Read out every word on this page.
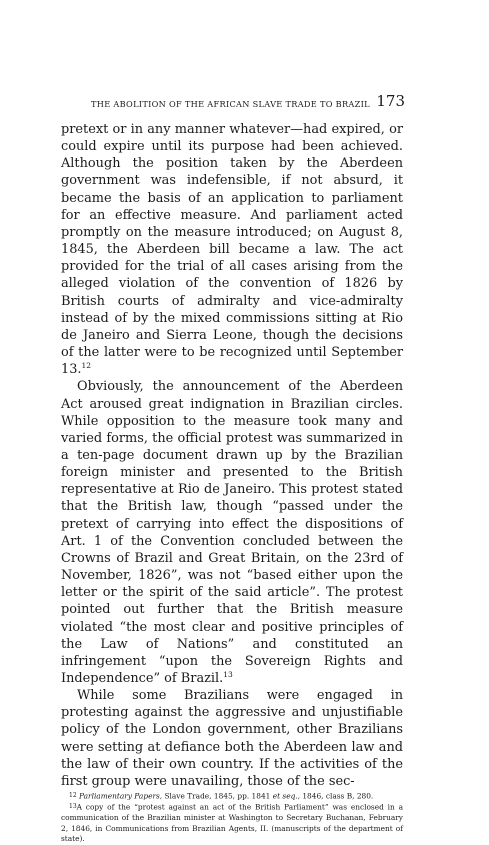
THE ABOLITION OF THE AFRICAN SLAVE TRADE TO BRAZIL 173

pretext or in any manner whatever—had expired, or could expire until its purpose had been achieved. Although the position taken by the Aberdeen government was indefensible, if not absurd, it became the basis of an application to parliament for an effective measure. And parliament acted promptly on the measure introduced; on August 8, 1845, the Aberdeen bill became a law. The act provided for the trial of all cases arising from the alleged violation of the convention of 1826 by British courts of admiralty and vice-admiralty instead of by the mixed commissions sitting at Rio de Janeiro and Sierra Leone, though the decisions of the latter were to be recognized until September 13.12

Obviously, the announcement of the Aberdeen Act aroused great indignation in Brazilian circles. While opposition to the measure took many and varied forms, the official protest was summarized in a ten-page document drawn up by the Brazilian foreign minister and presented to the British representative at Rio de Janeiro. This protest stated that the British law, though “passed under the pretext of carrying into effect the dispositions of Art. 1 of the Convention concluded between the Crowns of Brazil and Great Britain, on the 23rd of November, 1826”, was not “based either upon the letter or the spirit of the said article”. The protest pointed out further that the British measure violated “the most clear and positive principles of the Law of Nations” and constituted an infringement “upon the Sovereign Rights and Independence” of Brazil.$^{13}$

While some Brazilians were engaged in protesting against the aggressive and unjustifiable policy of the London government, other Brazilians were setting at defiance both the Aberdeen law and the law of their own country. If the activities of the first group were unavailing, those of the sec-

$^{12}$ Parliamentary Papers, Slave Trade, 1845, pp. 1841 et seq., 1846, class B, 280.

$^{13}$A copy of the “protest against an act of the British Parliament” was enclosed in a communication of the Brazilian minister at Washington to Secretary Buchanan, February 2, 1846, in Communications from Brazilian Agents, II. (manuscripts of the department of state).
